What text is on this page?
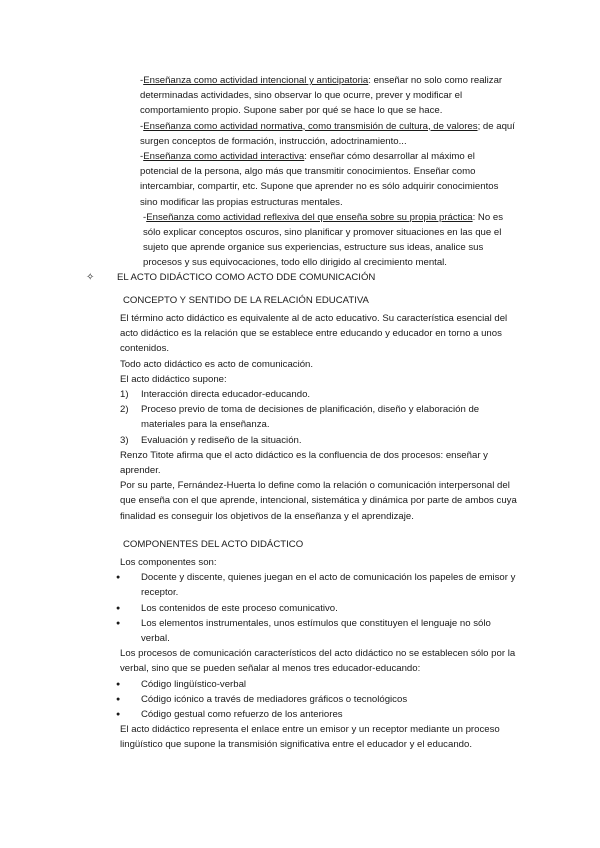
-Enseñanza como actividad intencional y anticipatoria: enseñar no solo como realizar determinadas actividades, sino observar lo que ocurre, prever y modificar el comportamiento propio. Supone saber por qué se hace lo que se hace.

-Enseñanza como actividad normativa, como transmisión de cultura, de valores; de aquí surgen conceptos de formación, instrucción, adoctrinamiento...

-Enseñanza como actividad interactiva: enseñar cómo desarrollar al máximo el potencial de la persona, algo más que transmitir conocimientos. Enseñar como intercambiar, compartir, etc. Supone que aprender no es sólo adquirir conocimientos sino modificar las propias estructuras mentales.

-Enseñanza como actividad reflexiva del que enseña sobre su propia práctica: No es sólo explicar conceptos oscuros, sino planificar y promover situaciones en las que el sujeto que aprende organice sus experiencias, estructure sus ideas, analice sus procesos y sus equivocaciones, todo ello dirigido al crecimiento mental.

✧ EL ACTO DIDÁCTICO COMO ACTO DDE COMUNICACIÓN

CONCEPTO Y SENTIDO DE LA RELACIÓN EDUCATIVA

El término acto didáctico es equivalente al de acto educativo. Su característica esencial del acto didáctico es la relación que se establece entre educando y educador en torno a unos contenidos.

Todo acto didáctico es acto de comunicación.

El acto didáctico supone:

1) Interacción directa educador-educando.
2) Proceso previo de toma de decisiones de planificación, diseño y elaboración de materiales para la enseñanza.
3) Evaluación y rediseño de la situación.

Renzo Titote afirma que el acto didáctico es la confluencia de dos procesos: enseñar y aprender.

Por su parte, Fernández-Huerta lo define como la relación o comunicación interpersonal del que enseña con el que aprende, intencional, sistemática y dinámica por parte de ambos cuya finalidad es conseguir los objetivos de la enseñanza y el aprendizaje.

COMPONENTES DEL ACTO DIDÁCTICO

Los componentes son:

● Docente y discente, quienes juegan en el acto de comunicación los papeles de emisor y receptor.
● Los contenidos de este proceso comunicativo.
● Los elementos instrumentales, unos estímulos que constituyen el lenguaje no sólo verbal.

Los procesos de comunicación característicos del acto didáctico no se establecen sólo por la verbal, sino que se pueden señalar al menos tres educador-educando:

● Código lingüístico-verbal
● Código icónico a través de mediadores gráficos o tecnológicos
● Código gestual como refuerzo de los anteriores

El acto didáctico representa el enlace entre un emisor y un receptor mediante un proceso lingüístico que supone la transmisión significativa entre el educador y el educando.
